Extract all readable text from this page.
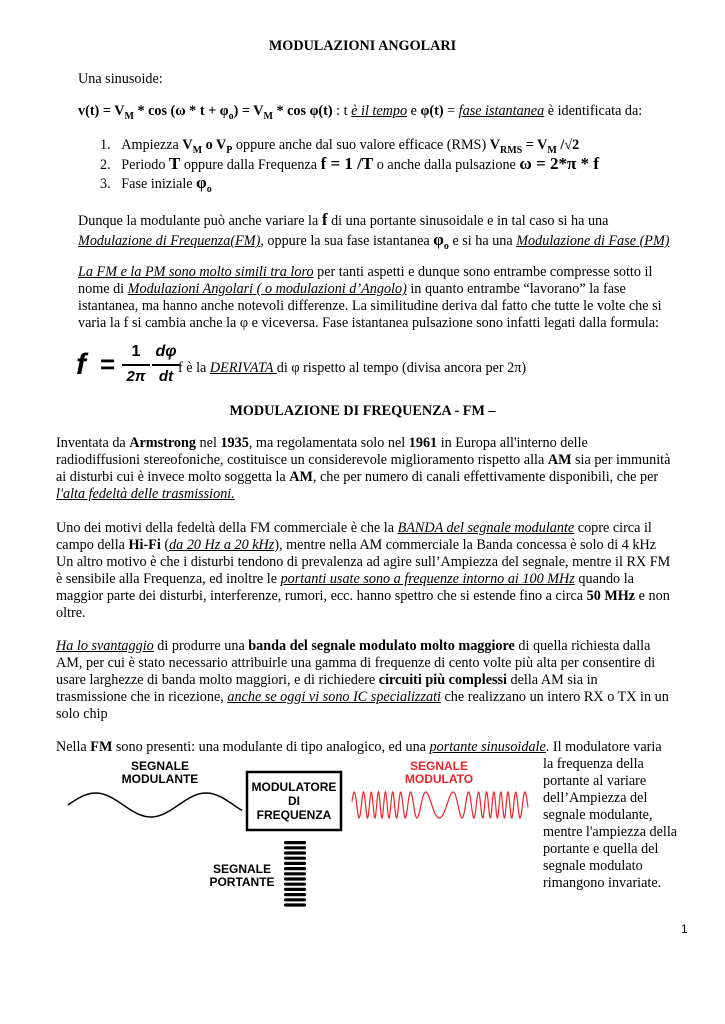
MODULAZIONI ANGOLARI
Una sinusoide:
$v(t) = V_M * \cos (\omega * t + \varphi_o) = V_M * \cos \varphi(t)$ : t è il tempo e φ(t) = fase istantanea è identificata da:
1. Ampiezza $V_M$ o $V_P$ oppure anche dal suo valore efficace (RMS) $V_{RMS} = V_M$ /√2
2. Periodo T oppure dalla Frequenza f = 1 /T o anche dalla pulsazione ω = 2*π * f
3. Fase iniziale $\varphi_o$
Dunque la modulante può anche variare la f di una portante sinusoidale e in tal caso si ha una
Modulazione di Frequenza(FM), oppure la sua fase istantanea $\varphi_o$ e si ha una Modulazione di Fase (PM)
La FM e la PM sono molto simili tra loro per tanti aspetti e dunque sono entrambe compresse sotto il
nome di Modulazioni Angolari ( o modulazioni d’Angolo) in quanto entrambe “lavorano” la fase
istantanea, ma hanno anche notevoli differenze. La similitudine deriva dal fatto che tutte le volte che si
varia la f si cambia anche la φ e viceversa. Fase istantanea pulsazione sono infatti legati dalla formula:
f =	1
2π
dφ
dt f è la DERIVATA di φ rispetto al tempo (divisa ancora per 2π)
MODULAZIONE DI FREQUENZA - FM –
Inventata da Armstrong nel 1935, ma regolamentata solo nel 1961 in Europa all'interno delle
radiodiffusioni stereofoniche, costituisce un considerevole miglioramento rispetto alla AM sia per immunità
ai disturbi cui è invece molto soggetta la AM, che per numero di canali effettivamente disponibili, che per
l'alta fedeltà delle trasmissioni.
Uno dei motivi della fedeltà della FM commerciale è che la BANDA del segnale modulante copre circa il
campo della Hi-Fi (da 20 Hz a 20 kHz), mentre nella AM commerciale la Banda concessa è solo di 4 kHz
Un altro motivo è che i disturbi tendono di prevalenza ad agire sull’Ampiezza del segnale, mentre il RX FM
è sensibile alla Frequenza, ed inoltre le portanti usate sono a frequenze intorno ai 100 MHz quando la
maggior parte dei disturbi, interferenze, rumori, ecc. hanno spettro che si estende fino a circa 50 MHz e non
oltre.
Ha lo svantaggio di produrre una banda del segnale modulato molto maggiore di quella richiesta dalla
AM, per cui è stato necessario attribuirle una gamma di frequenze di cento volte più alta per consentire di
usare larghezze di banda molto maggiori, e di richiedere circuiti più complessi della AM sia in
trasmissione che in ricezione, anche se oggi vi sono IC specializzati che realizzano un intero RX o TX in un
solo chip
Nella FM sono presenti: una modulante di tipo analogico, ed una portante sinusoidale. Il modulatore varia
la frequenza della
portante al variare
dell’Ampiezza del
segnale modulante,
mentre l'ampiezza della
portante e quella del
segnale modulato
rimangono invariate.
SEGNALE MODULANTE
MODULATORE DI FREQUENZA
SEGNALE MODULATO
SEGNALE PORTANTE
1
